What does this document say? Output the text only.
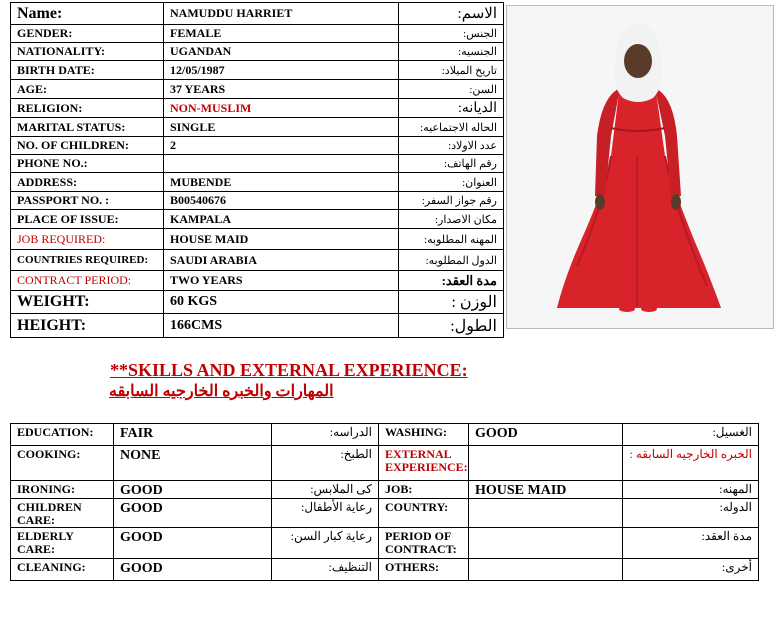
Name:	NAMUDDU HARRIET	الاسم:
GENDER:	FEMALE	الجنس:
NATIONALITY:	UGANDAN	الجنسيه:
BIRTH DATE:	12/05/1987	تاريخ الميلاد:
AGE:	37 YEARS	السن:
RELIGION:	NON-MUSLIM	الديانه:
MARITAL STATUS:	SINGLE	الحاله الاجتماعيه:
NO. OF CHILDREN:	2	عدد الاولاد:
PHONE NO.:		رقم الهاتف:
ADDRESS:	MUBENDE	العنوان:
PASSPORT NO. :	B00540676	رقم جواز السفر:
PLACE OF ISSUE:	KAMPALA	مكان الاصدار:
JOB REQUIRED:	HOUSE MAID	المهنه المطلوبه:
COUNTRIES REQUIRED:	SAUDI ARABIA	الدول المطلوبه:
CONTRACT PERIOD:	TWO YEARS	مدة العقد:
WEIGHT:	60 KGS	الوزن :
HEIGHT:	166CMS	الطول:
**SKILLS AND EXTERNAL EXPERIENCE:
المهارات والخبره الخارجيه السابقه
EDUCATION:	FAIR	الدراسه:	WASHING:	GOOD	الغسيل:
COOKING:	NONE	الطبخ:	EXTERNAL EXPERIENCE:		الخبره الخارجيه السابقه :
IRONING:	GOOD	كى الملابس:	JOB:	HOUSE MAID	المهنه:
CHILDREN CARE:	GOOD	رعاية الأطفال:	COUNTRY:		الدوله:
ELDERLY CARE:	GOOD	رعاية كبار السن:	PERIOD OF CONTRACT:		مدة العقد:
CLEANING:	GOOD	التنظيف:	OTHERS:		أخرى:
